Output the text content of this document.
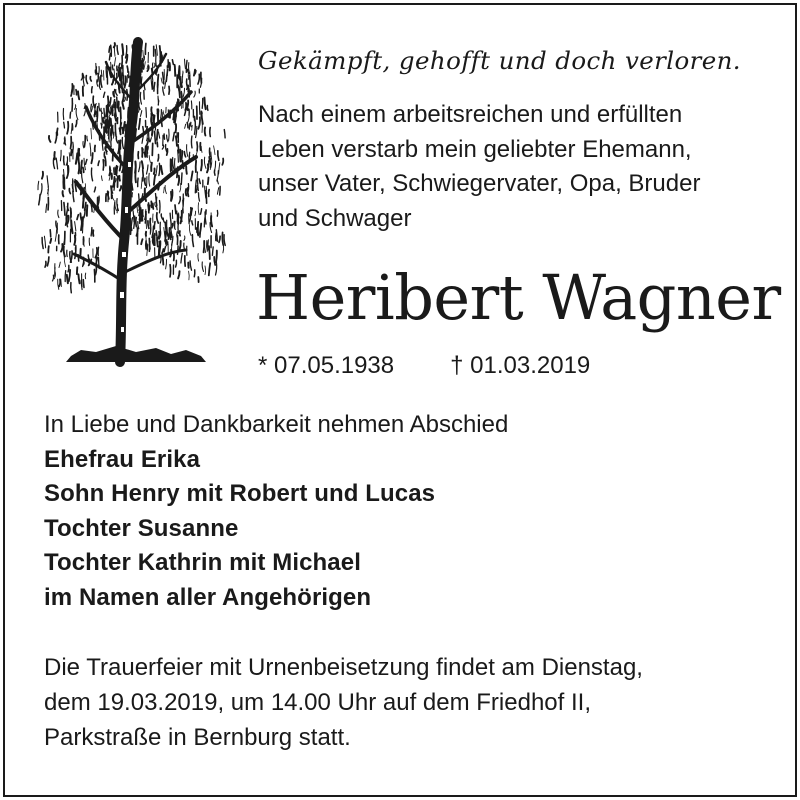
Gekämpft, gehofft und doch verloren.

Nach einem arbeitsreichen und erfüllten
Leben verstarb mein geliebter Ehemann,
unser Vater, Schwiegervater, Opa, Bruder
und Schwager

Heribert Wagner
* 07.05.1938 † 01.03.2019
In Liebe und Dankbarkeit nehmen Abschied
Ehefrau Erika
Sohn Henry mit Robert und Lucas
Tochter Susanne
Tochter Kathrin mit Michael
im Namen aller Angehörigen
Die Trauerfeier mit Urnenbeisetzung findet am Dienstag,
dem 19.03.2019, um 14.00 Uhr auf dem Friedhof II,
Parkstraße in Bernburg statt.
